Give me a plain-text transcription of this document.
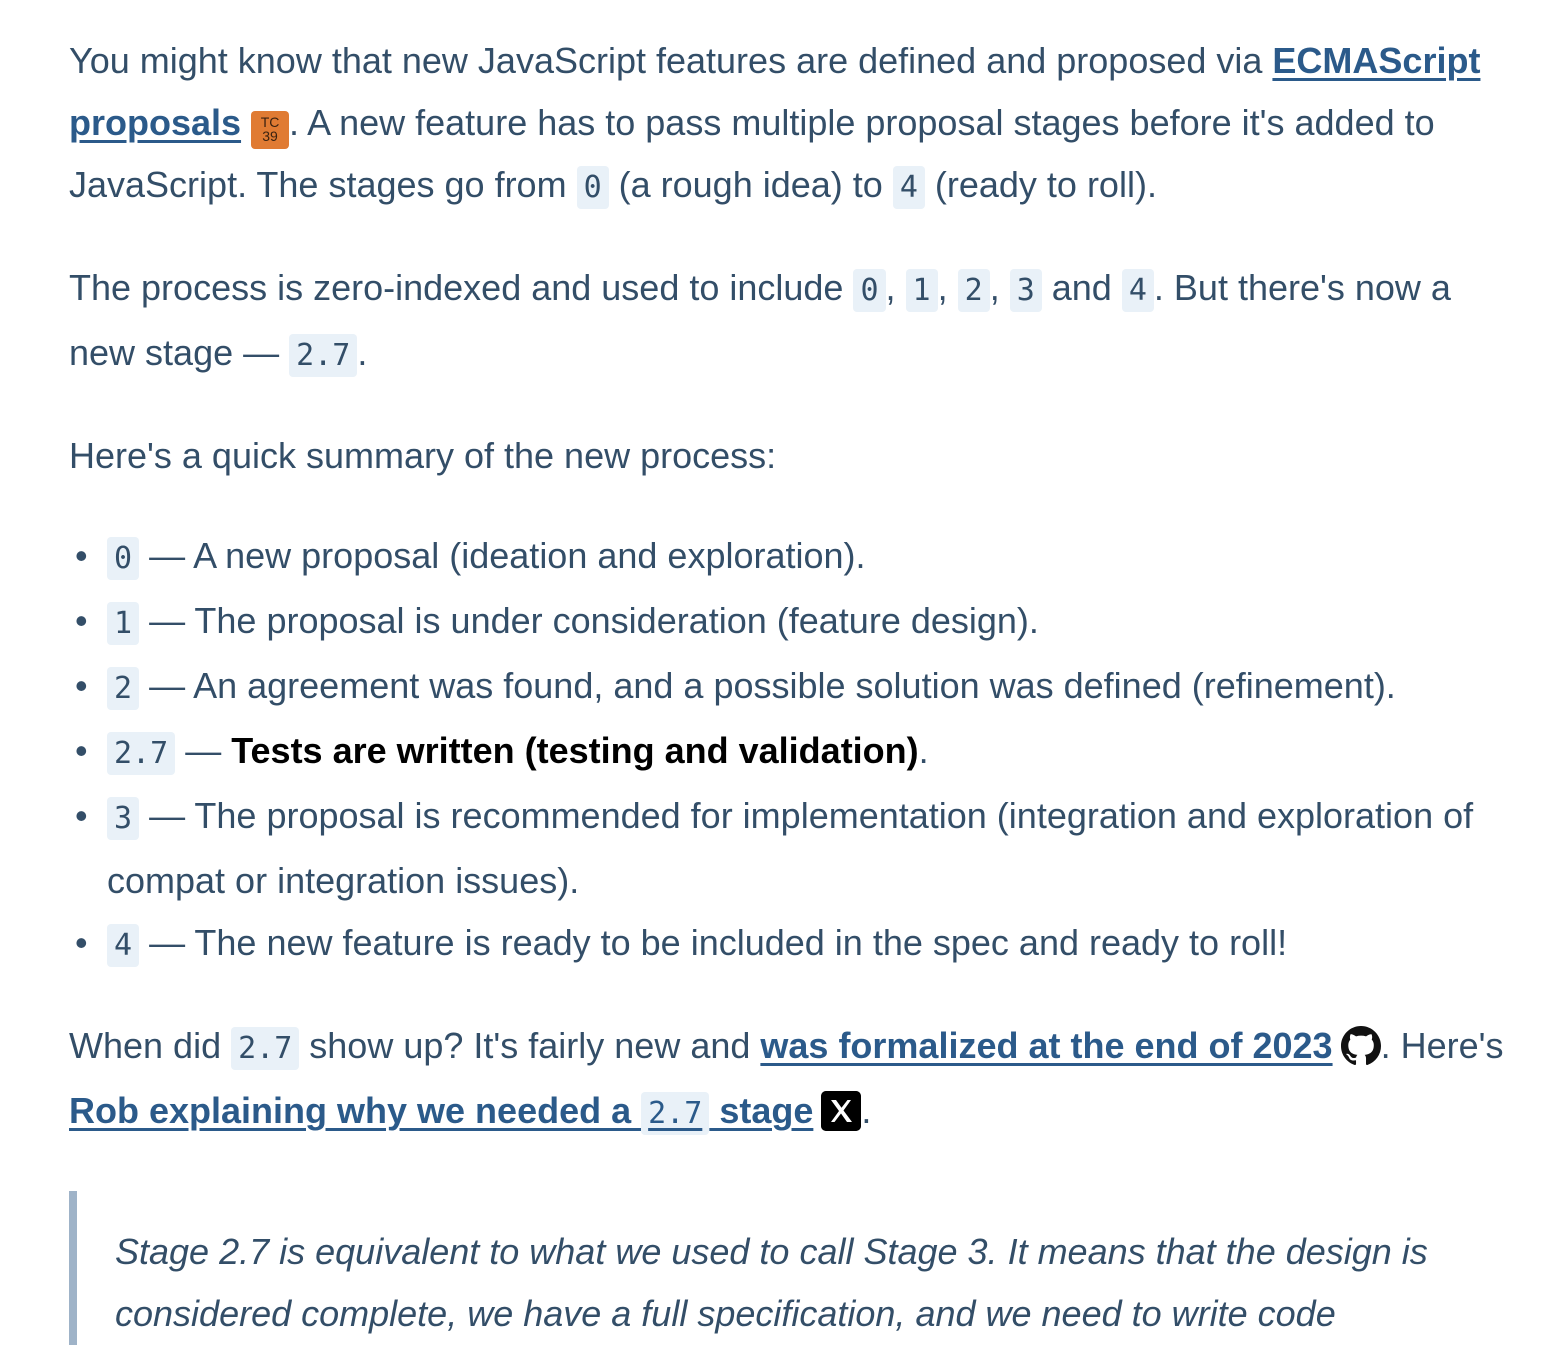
You might know that new JavaScript features are defined and proposed via ECMAScript proposals	TC
39 . A new feature has to pass multiple proposal stages before it's added to JavaScript. The stages go from 0 (a rough idea) to 4 (ready to roll).

The process is zero-indexed and used to include 0 , 1 , 2 , 3 and 4 . But there's now a new stage — 2.7 .

Here's a quick summary of the new process:

• 0 — A new proposal (ideation and exploration).
• 1 — The proposal is under consideration (feature design).
• 2 — An agreement was found, and a possible solution was defined (refinement).
• 2.7 — Tests are written (testing and validation).
• 3 — The proposal is recommended for implementation (integration and exploration of compat or integration issues).
• 4 — The new feature is ready to be included in the spec and ready to roll!

When did 2.7 show up? It's fairly new and was formalized at the end of 2023 . Here's Rob explaining why we needed a 2.7 stage .

Stage 2.7 is equivalent to what we used to call Stage 3. It means that the design is considered complete, we have a full specification, and we need to write code
